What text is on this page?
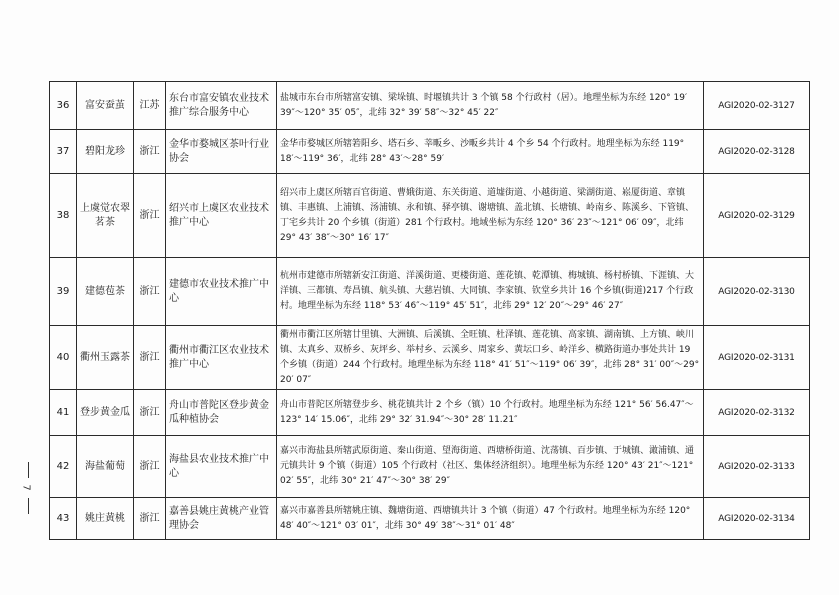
36	富安蚕茧	江苏	东台市富安镇农业技术推广综合服务中心	盐城市东台市所辖富安镇、梁垛镇、时堰镇共计 3 个镇 58 个行政村（居）。地理坐标为东经 120° 19′ 39″～120° 35′ 05″，北纬 32° 39′ 58″～32° 45′ 22″	AGI2020-02-3127
37	碧阳龙珍	浙江	金华市婺城区茶叶行业协会	金华市婺城区所辖箬阳乡、塔石乡、莘畈乡、沙畈乡共计 4 个乡 54 个行政村。地理坐标为东经 119° 18′～119° 36′，北纬 28° 43′～28° 59′	AGI2020-02-3128
38	上虞觉农翠茗茶	浙江	绍兴市上虞区农业技术推广中心	绍兴市上虞区所辖百官街道、曹娥街道、东关街道、道墟街道、小越街道、梁湖街道、崧厦街道、章镇镇、丰惠镇、上浦镇、汤浦镇、永和镇、驿亭镇、谢塘镇、盖北镇、长塘镇、岭南乡、陈溪乡、下管镇、丁宅乡共计 20 个乡镇（街道）281 个行政村。地域坐标为东经 120° 36′ 23″～121° 06′ 09″，北纬 29° 43′ 38″～30° 16′ 17″	AGI2020-02-3129
39	建德苞茶	浙江	建德市农业技术推广中心	杭州市建德市所辖新安江街道、洋溪街道、更楼街道、莲花镇、乾潭镇、梅城镇、杨村桥镇、下涯镇、大洋镇、三都镇、寿昌镇、航头镇、大慈岩镇、大同镇、李家镇、钦堂乡共计 16 个乡镇(街道)217 个行政村。地理坐标为东经 118° 53′ 46″～119° 45′ 51″，北纬 29° 12′ 20″～29° 46′ 27″	AGI2020-02-3130
40	衢州玉露茶	浙江	衢州市衢江区农业技术推广中心	衢州市衢江区所辖廿里镇、大洲镇、后溪镇、全旺镇、杜泽镇、莲花镇、高家镇、湖南镇、上方镇、峡川镇、太真乡、双桥乡、灰坪乡、举村乡、云溪乡、周家乡、黄坛口乡、岭洋乡、横路街道办事处共计 19 个乡镇（街道）244 个行政村。地理坐标为东经 118° 41′ 51″～119° 06′ 39″，北纬 28° 31′ 00″～29° 20′ 07″	AGI2020-02-3131
41	登步黄金瓜	浙江	舟山市普陀区登步黄金瓜种植协会	舟山市普陀区所辖登步乡、桃花镇共计 2 个乡（镇）10 个行政村。地理坐标为东经 121° 56′ 56.47″～123° 14′ 15.06″，北纬 29° 32′ 31.94″～30° 28′ 11.21″	AGI2020-02-3132
42	海盐葡萄	浙江	海盐县农业技术推广中心	嘉兴市海盐县所辖武原街道、秦山街道、望海街道、西塘桥街道、沈荡镇、百步镇、于城镇、澉浦镇、通元镇共计 9 个镇（街道）105 个行政村（社区、集体经济组织）。地理坐标为东经 120° 43′ 21″～121° 02′ 55″，北纬 30° 21′ 47″～30° 38′ 29″	AGI2020-02-3133
43	姚庄黄桃	浙江	嘉善县姚庄黄桃产业管理协会	嘉兴市嘉善县所辖姚庄镇、魏塘街道、西塘镇共计 3 个镇（街道）47 个行政村。地理坐标为东经 120° 48′ 40″～121° 03′ 01″，北纬 30° 49′ 38″～31° 01′ 48″	AGI2020-02-3134
7
